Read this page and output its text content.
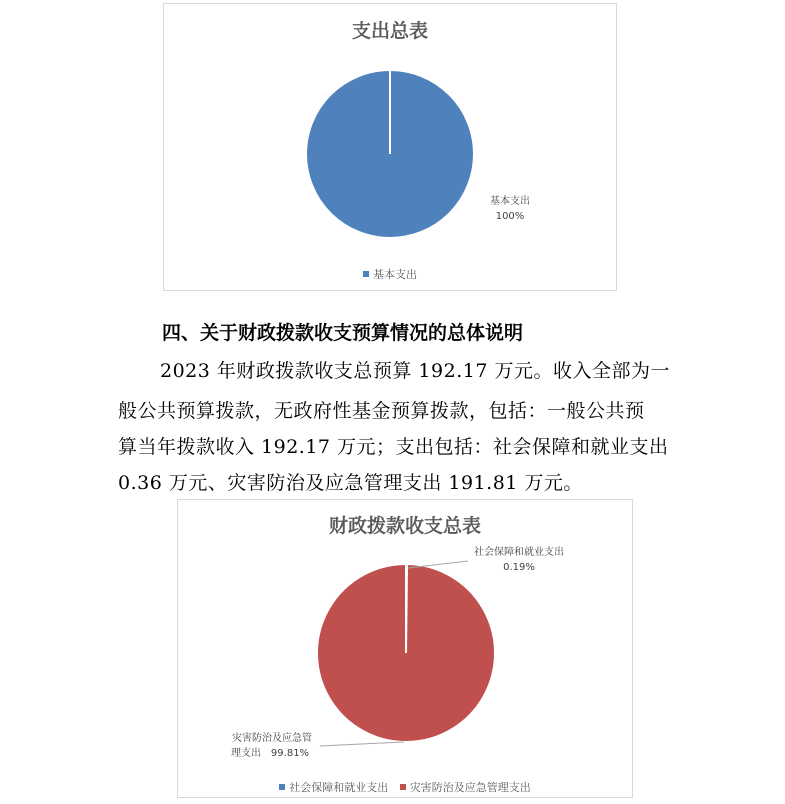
支出总表
基本支出
100%
基本支出
四、关于财政拨款收支预算情况的总体说明
2023 年财政拨款收支总预算 192.17 万元。收入全部为一
般公共预算拨款，无政府性基金预算拨款，包括：一般公共预
算当年拨款收入 192.17 万元；支出包括：社会保障和就业支出
0.36 万元、灾害防治及应急管理支出 191.81 万元。
财政拨款收支总表
社会保障和就业支出
0.19%
灾害防治及应急管
理支出 99.81%
社会保障和就业支出 灾害防治及应急管理支出
